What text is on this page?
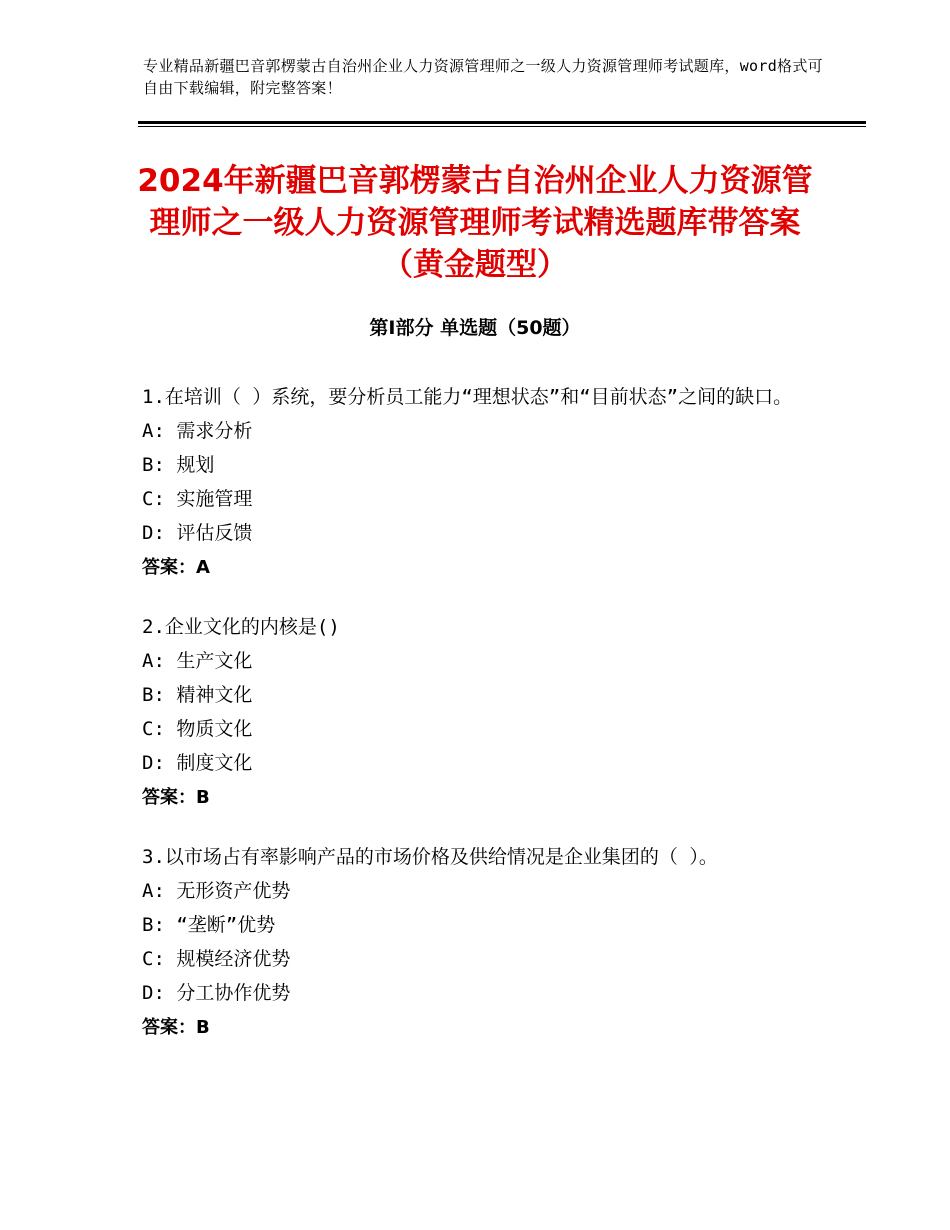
专业精品新疆巴音郭楞蒙古自治州企业人力资源管理师之一级人力资源管理师考试题库，word格式可自由下载编辑，附完整答案！
2024年新疆巴音郭楞蒙古自治州企业人力资源管理师之一级人力资源管理师考试精选题库带答案（黄金题型）
第Ⅰ部分 单选题（50题）
1.在培训（ ）系统，要分析员工能力“理想状态”和“目前状态”之间的缺口。
A: 需求分析
B: 规划
C: 实施管理
D: 评估反馈
答案：A
2.企业文化的内核是()
A: 生产文化
B: 精神文化
C: 物质文化
D: 制度文化
答案：B
3.以市场占有率影响产品的市场价格及供给情况是企业集团的（ ）。
A: 无形资产优势
B: “垄断”优势
C: 规模经济优势
D: 分工协作优势
答案：B
